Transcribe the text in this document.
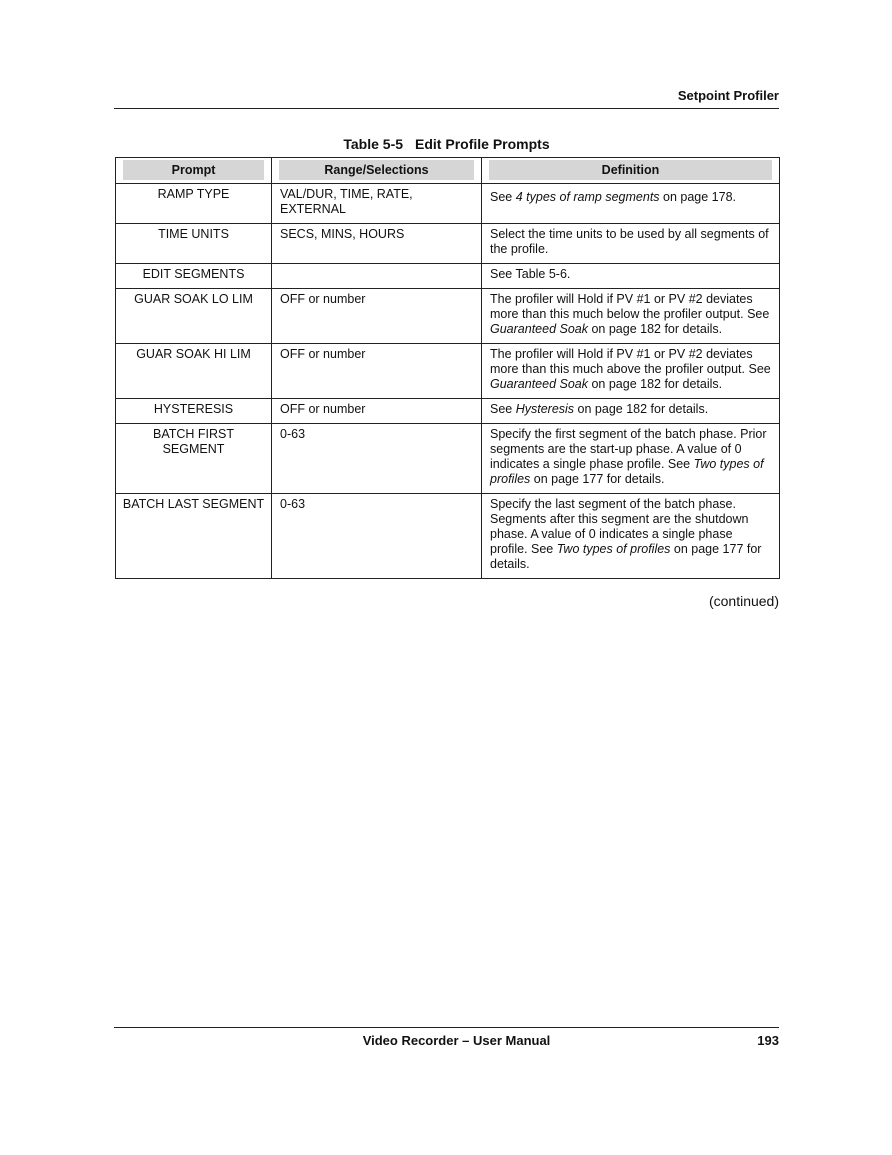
Setpoint Profiler
Table 5-5 Edit Profile Prompts
Prompt	Range/Selections	Definition

RAMP TYPE	VAL/DUR, TIME, RATE, EXTERNAL	See 4 types of ramp segments on page 178.
TIME UNITS	SECS, MINS, HOURS	Select the time units to be used by all segments of the profile.
EDIT SEGMENTS		See Table 5-6.
GUAR SOAK LO LIM	OFF or number	The profiler will Hold if PV #1 or PV #2 deviates more than this much below the profiler output. See Guaranteed Soak on page 182 for details.
GUAR SOAK HI LIM	OFF or number	The profiler will Hold if PV #1 or PV #2 deviates more than this much above the profiler output. See Guaranteed Soak on page 182 for details.
HYSTERESIS	OFF or number	See Hysteresis on page 182 for details.
BATCH FIRST SEGMENT	0-63	Specify the first segment of the batch phase. Prior segments are the start-up phase. A value of 0 indicates a single phase profile. See Two types of profiles on page 177 for details.
BATCH LAST SEGMENT	0-63	Specify the last segment of the batch phase. Segments after this segment are the shutdown phase. A value of 0 indicates a single phase profile. See Two types of profiles on page 177 for details.
(continued)
Video Recorder – User Manual	193
